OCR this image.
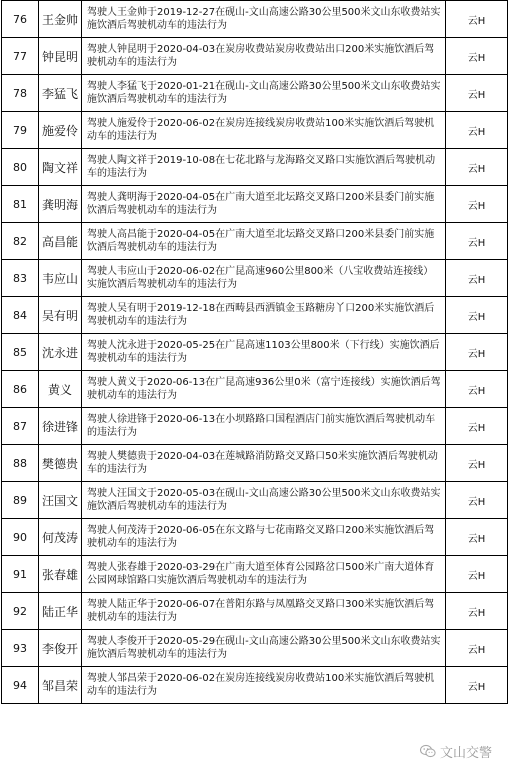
76	王金帅	驾驶人王金帅于2019-12-27在砚山-文山高速公路30公里500米文山东收费站实施饮酒后驾驶机动车的违法行为	云H
77	钟昆明	驾驶人钟昆明于2020-04-03在炭房收费站炭房收费站出口200米实施饮酒后驾驶机动车的违法行为	云H
78	李猛飞	驾驶人李猛飞于2020-01-21在砚山-文山高速公路30公里500米文山东收费站实施饮酒后驾驶机动车的违法行为	云H
79	施爱伶	驾驶人施爱伶于2020-06-02在炭房连接线炭房收费站100米实施饮酒后驾驶机动车的违法行为	云H
80	陶文祥	驾驶人陶文祥于2019-10-08在七花北路与龙海路交叉路口实施饮酒后驾驶机动车的违法行为	云H
81	龚明海	驾驶人龚明海于2020-04-05在广南大道至北坛路交叉路口200米县委门前实施饮酒后驾驶机动车的违法行为	云H
82	高昌能	驾驶人高昌能于2020-04-05在广南大道至北坛路交叉路口200米县委门前实施饮酒后驾驶机动车的违法行为	云H
83	韦应山	驾驶人韦应山于2020-06-02在广昆高速960公里800米（八宝收费站连接线）实施饮酒后驾驶机动车的违法行为	云H
84	吴有明	驾驶人吴有明于2019-12-18在西畴县西洒镇金玉路糖房丫口200米实施饮酒后驾驶机动车的违法行为	云H
85	沈永进	驾驶人沈永进于2020-05-25在广昆高速1103公里800米（下行线）实施饮酒后驾驶机动车的违法行为	云H
86	黄义	驾驶人黄义于2020-06-13在广昆高速936公里0米（富宁连接线）实施饮酒后驾驶机动车的违法行为	云H
87	徐进锋	驾驶人徐进锋于2020-06-13在小坝路路口国程酒店门前实施饮酒后驾驶机动车的违法行为	云H
88	樊德贵	驾驶人樊德贵于2020-04-03在莲城路消防路交叉路口50米实施饮酒后驾驶机动车的违法行为	云H
89	汪国文	驾驶人汪国文于2020-05-03在砚山-文山高速公路30公里500米文山东收费站实施饮酒后驾驶机动车的违法行为	云H
90	何茂涛	驾驶人何茂涛于2020-06-05在东文路与七花南路交叉路口200米实施饮酒后驾驶机动车的违法行为	云H
91	张春雄	驾驶人张春雄于2020-03-29在广南大道至体育公园路岔口500米广南大道体育公园网球馆路口实施饮酒后驾驶机动车的违法行为	云H
92	陆正华	驾驶人陆正华于2020-06-07在普阳东路与凤凰路交叉路口300米实施饮酒后驾驶机动车的违法行为	云H
93	李俊开	驾驶人李俊开于2020-05-29在砚山-文山高速公路30公里500米文山东收费站实施饮酒后驾驶机动车的违法行为	云H
94	邹昌荣	驾驶人邹昌荣于2020-06-02在炭房连接线炭房收费站100米实施饮酒后驾驶机动车的违法行为	云H
文山交警
